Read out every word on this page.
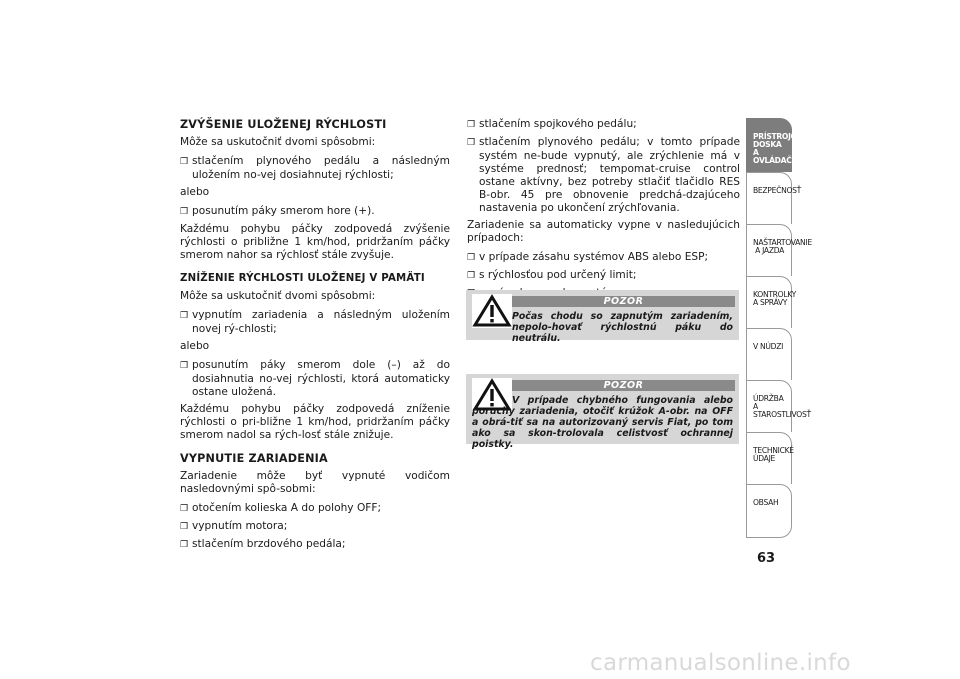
ZVÝŠENIE ULOŽENEJ RÝCHLOSTI
Môže sa uskutočniť dvomi spôsobmi:
❒ stlačením plynového pedálu a následným uložením no-vej dosiahnutej rýchlosti;
alebo
❒ posunutím páky smerom hore (+).
Každému pohybu páčky zodpovedá zvýšenie rýchlosti o približne 1 km/hod, pridržaním páčky smerom nahor sa rýchlosť stále zvyšuje.
ZNÍŽENIE RÝCHLOSTI ULOŽENEJ V PAMÄTI
Môže sa uskutočniť dvomi spôsobmi:
❒ vypnutím zariadenia a následným uložením novej rý-chlosti;
alebo
❒ posunutím páky smerom dole (–) až do dosiahnutia no-vej rýchlosti, ktorá automaticky ostane uložená.
Každému pohybu páčky zodpovedá zníženie rýchlosti o pri-bližne 1 km/hod, pridržaním páčky smerom nadol sa rých-losť stále znižuje.
VYPNUTIE ZARIADENIA
Zariadenie môže byť vypnuté vodičom nasledovnými spô-sobmi:
❒ otočením kolieska A do polohy OFF;
❒ vypnutím motora;
❒ stlačením brzdového pedála;
❒ stlačením spojkového pedálu;
❒ stlačením plynového pedálu; v tomto prípade systém ne-bude vypnutý, ale zrýchlenie má v systéme prednosť; tempomat-cruise control ostane aktívny, bez potreby stlačiť tlačidlo RES B-obr. 45 pre obnovenie predchá-dzajúceho nastavenia po ukončení zrýchľovania.
Zariadenie sa automaticky vypne v nasledujúcich prípadoch:
❒ v prípade zásahu systémov ABS alebo ESP;
❒ s rýchlosťou pod určený limit;
POZOR
Počas chodu so zapnutým zariadením, nepolo-hovať rýchlostnú páku do neutrálu.
POZOR
V prípade chybného fungovania alebo poruchy zariadenia, otočiť krúžok A-obr. na OFF a obrá-tiť sa na autorizovaný servis Fiat, po tom ako sa skon-trolovala celistvosť ochrannej poistky.
PRÍSTROJOVÁ
DOSKA
A OVLÁDAČE
BEZPEČNOSŤ
NAŠTARTOVANIE
A JAZDA
KONTROLKY
A SPRÁVY
V NÚDZI
ÚDRŽBA
A STAROSTLIVOSŤ
TECHNICKÉ ÚDAJE
OBSAH
63
carmanualsonline.info
